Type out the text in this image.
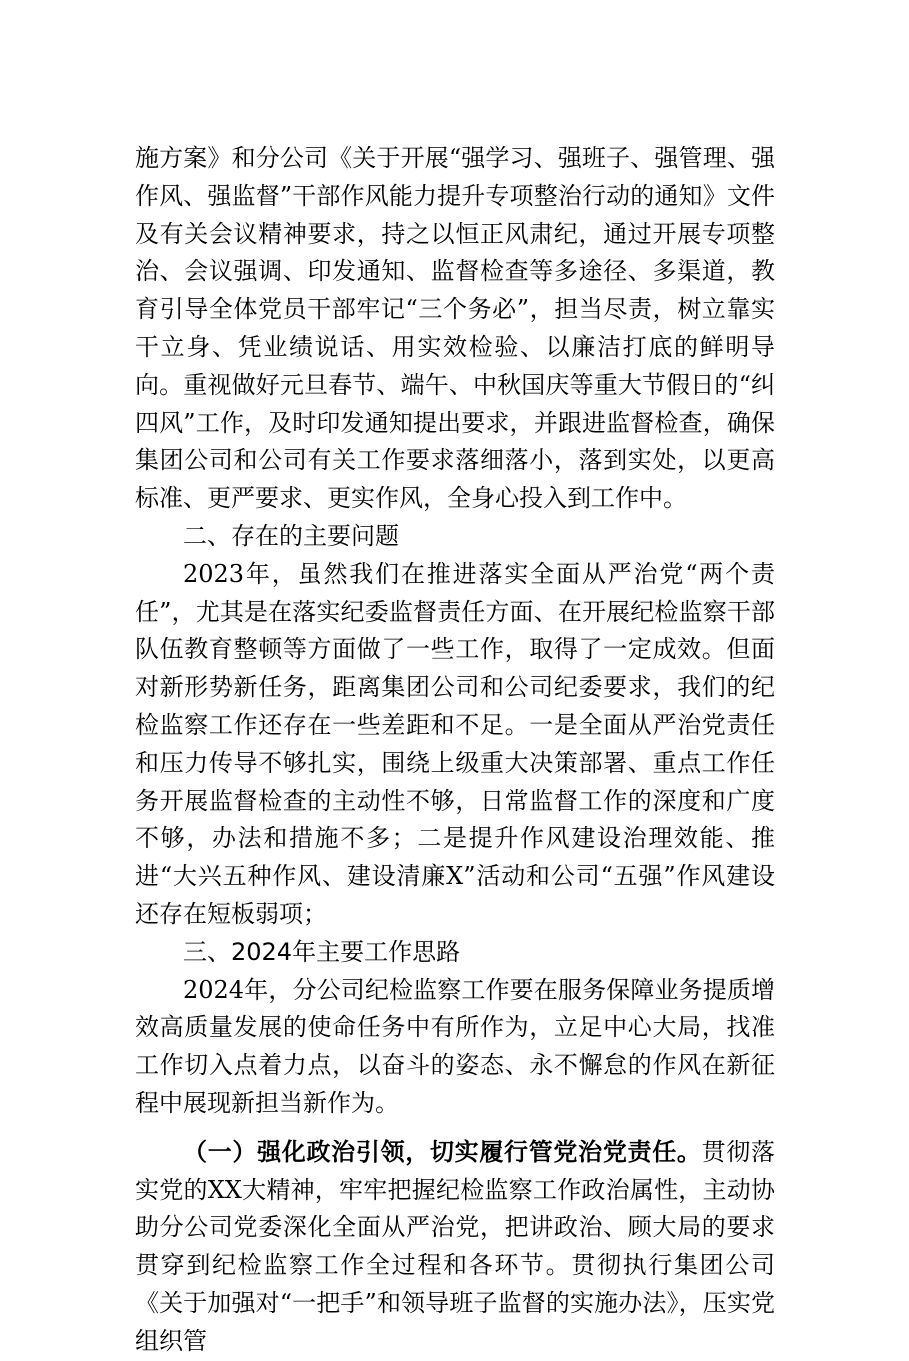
施方案》和分公司《关于开展“强学习、强班子、强管理、强作风、强监督”干部作风能力提升专项整治行动的通知》文件及有关会议精神要求，持之以恒正风肃纪，通过开展专项整治、会议强调、印发通知、监督检查等多途径、多渠道，教育引导全体党员干部牢记“三个务必”，担当尽责，树立靠实干立身、凭业绩说话、用实效检验、以廉洁打底的鲜明导向。重视做好元旦春节、端午、中秋国庆等重大节假日的“纠四风”工作，及时印发通知提出要求，并跟进监督检查，确保集团公司和公司有关工作要求落细落小，落到实处，以更高标准、更严要求、更实作风，全身心投入到工作中。

二、存在的主要问题

2023年，虽然我们在推进落实全面从严治党“两个责任”，尤其是在落实纪委监督责任方面、在开展纪检监察干部队伍教育整顿等方面做了一些工作，取得了一定成效。但面对新形势新任务，距离集团公司和公司纪委要求，我们的纪检监察工作还存在一些差距和不足。一是全面从严治党责任和压力传导不够扎实，围绕上级重大决策部署、重点工作任务开展监督检查的主动性不够，日常监督工作的深度和广度不够，办法和措施不多；二是提升作风建设治理效能、推进“大兴五种作风、建设清廉X”活动和公司“五强”作风建设还存在短板弱项；

三、2024年主要工作思路

2024年，分公司纪检监察工作要在服务保障业务提质增效高质量发展的使命任务中有所作为，立足中心大局，找准工作切入点着力点，以奋斗的姿态、永不懈怠的作风在新征程中展现新担当新作为。

（一）强化政治引领，切实履行管党治党责任。贯彻落实党的XX大精神，牢牢把握纪检监察工作政治属性，主动协助分公司党委深化全面从严治党，把讲政治、顾大局的要求贯穿到纪检监察工作全过程和各环节。贯彻执行集团公司《关于加强对“一把手”和领导班子监督的实施办法》，压实党组织管
